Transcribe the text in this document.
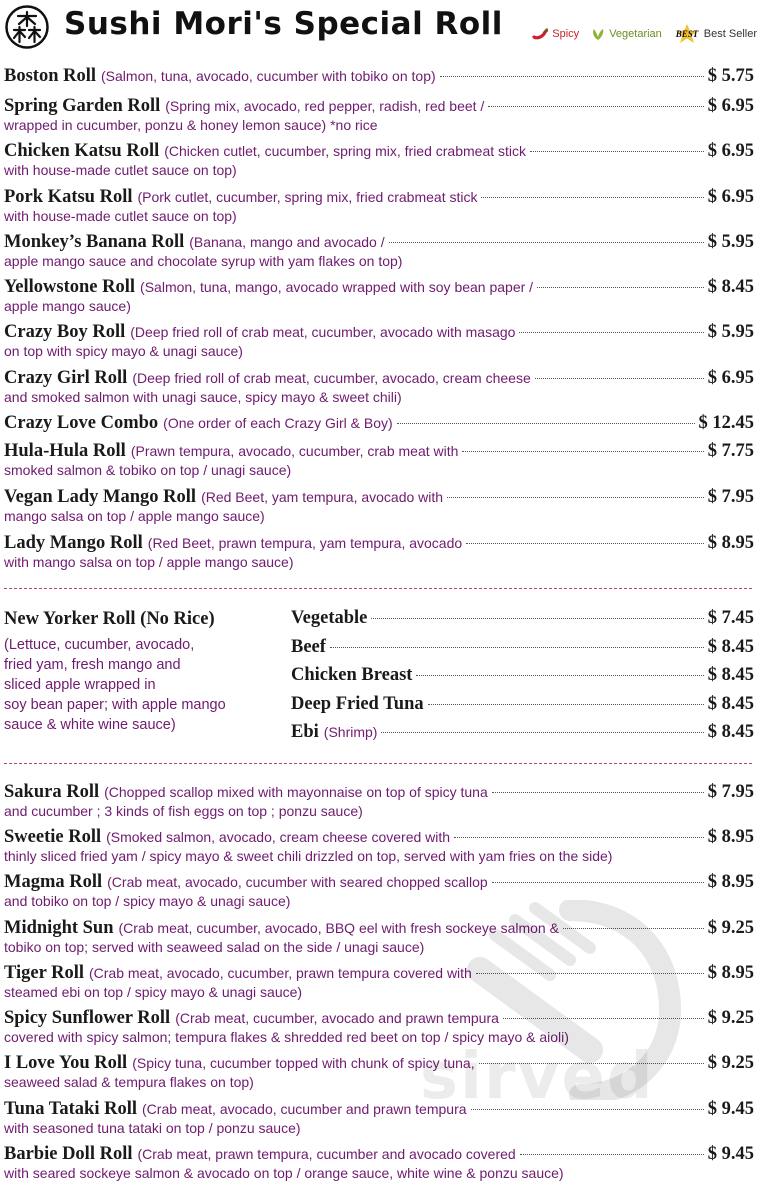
Sushi Mori's Special Roll	Spicy	Vegetarian BEST Best Seller
Boston Roll (Salmon, tuna, avocado, cucumber with tobiko on top)	$ 5.75
Spring Garden Roll (Spring mix, avocado, red pepper, radish, red beet /	$ 6.95
wrapped in cucumber, ponzu & honey lemon sauce) *no rice
Chicken Katsu Roll (Chicken cutlet, cucumber, spring mix, fried crabmeat stick	$ 6.95
with house-made cutlet sauce on top)
Pork Katsu Roll (Pork cutlet, cucumber, spring mix, fried crabmeat stick	$ 6.95
with house-made cutlet sauce on top)
Monkey’s Banana Roll (Banana, mango and avocado /	$ 5.95
apple mango sauce and chocolate syrup with yam flakes on top)
Yellowstone Roll (Salmon, tuna, mango, avocado wrapped with soy bean paper /	$ 8.45
apple mango sauce)
Crazy Boy Roll (Deep fried roll of crab meat, cucumber, avocado with masago	$ 5.95
on top with spicy mayo & unagi sauce)
Crazy Girl Roll (Deep fried roll of crab meat, cucumber, avocado, cream cheese	$ 6.95
and smoked salmon with unagi sauce, spicy mayo & sweet chili)
Crazy Love Combo (One order of each Crazy Girl & Boy)	$ 12.45
Hula-Hula Roll (Prawn tempura, avocado, cucumber, crab meat with	$ 7.75
smoked salmon & tobiko on top / unagi sauce)
Vegan Lady Mango Roll (Red Beet, yam tempura, avocado with	$ 7.95
mango salsa on top / apple mango sauce)
Lady Mango Roll (Red Beet, prawn tempura, yam tempura, avocado	$ 8.95
with mango salsa on top / apple mango sauce)
New Yorker Roll (No Rice)
(Lettuce, cucumber, avocado,
fried yam, fresh mango and
sliced apple wrapped in
soy bean paper; with apple mango
sauce & white wine sauce)
Vegetable	$ 7.45
Beef	$ 8.45
Chicken Breast	$ 8.45
Deep Fried Tuna	$ 8.45
Ebi (Shrimp)	$ 8.45
Sakura Roll (Chopped scallop mixed with mayonnaise on top of spicy tuna	$ 7.95
and cucumber ; 3 kinds of fish eggs on top ; ponzu sauce)
Sweetie Roll (Smoked salmon, avocado, cream cheese covered with	$ 8.95
thinly sliced fried yam / spicy mayo & sweet chili drizzled on top, served with yam fries on the side)
Magma Roll (Crab meat, avocado, cucumber with seared chopped scallop	$ 8.95
and tobiko on top / spicy mayo & unagi sauce)
Midnight Sun (Crab meat, cucumber, avocado, BBQ eel with fresh sockeye salmon &	$ 9.25
tobiko on top; served with seaweed salad on the side / unagi sauce)
Tiger Roll (Crab meat, avocado, cucumber, prawn tempura covered with	$ 8.95
steamed ebi on top / spicy mayo & unagi sauce)
Spicy Sunflower Roll (Crab meat, cucumber, avocado and prawn tempura	$ 9.25
covered with spicy salmon; tempura flakes & shredded red beet on top / spicy mayo & aioli)
I Love You Roll (Spicy tuna, cucumber topped with chunk of spicy tuna,	$ 9.25
seaweed salad & tempura flakes on top)
Tuna Tataki Roll (Crab meat, avocado, cucumber and prawn tempura	$ 9.45
with seasoned tuna tataki on top / ponzu sauce)
Barbie Doll Roll (Crab meat, prawn tempura, cucumber and avocado covered	$ 9.45
with seared sockeye salmon & avocado on top / orange sauce, white wine & ponzu sauce)
sirved
